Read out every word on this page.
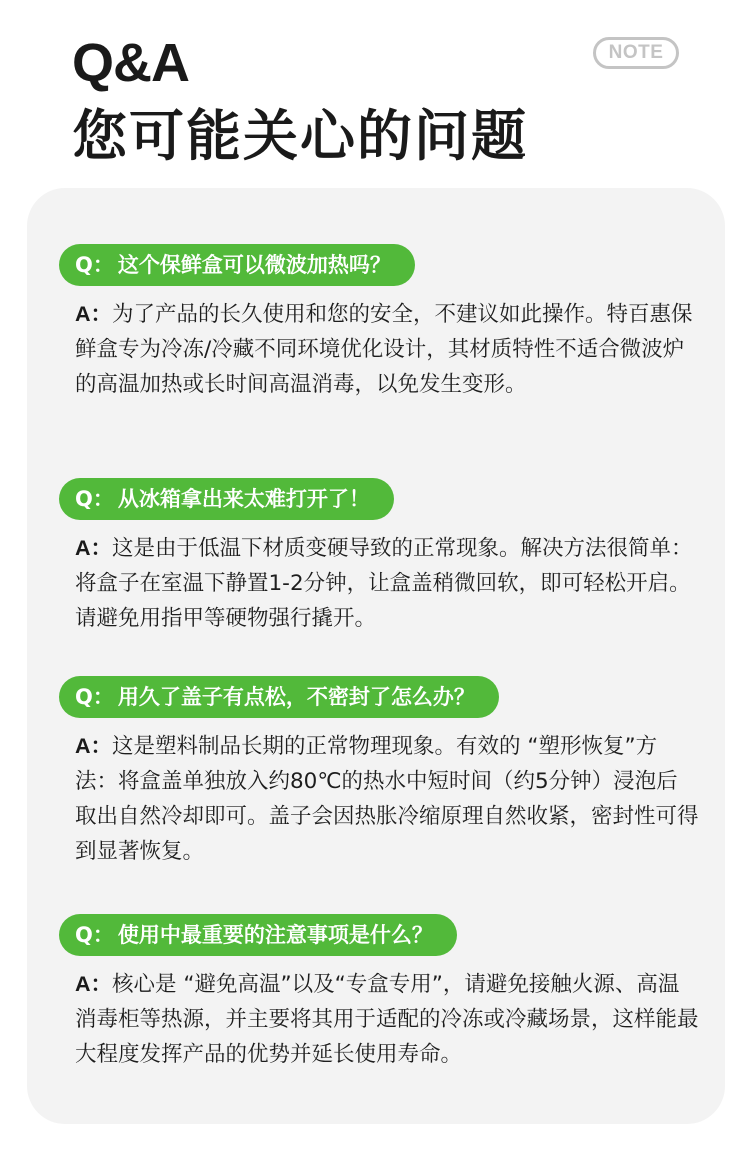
Q&A
您可能关心的问题
NOTE
Q： 这个保鲜盒可以微波加热吗？
A：为了产品的长久使用和您的安全，不建议如此操作。特百惠保鲜盒专为冷冻/冷藏不同环境优化设计，其材质特性不适合微波炉的高温加热或长时间高温消毒，以免发生变形。
Q： 从冰箱拿出来太难打开了！
A：这是由于低温下材质变硬导致的正常现象。解决方法很简单：将盒子在室温下静置1-2分钟，让盒盖稍微回软，即可轻松开启。 请避免用指甲等硬物强行撬开。
Q： 用久了盖子有点松，不密封了怎么办？
A：这是塑料制品长期的正常物理现象。有效的 “塑形恢复”方法：将盒盖单独放入约80℃的热水中短时间（约5分钟）浸泡后取出自然冷却即可。盖子会因热胀冷缩原理自然收紧，密封性可得到显著恢复。
Q： 使用中最重要的注意事项是什么？
A：核心是 “避免高温”以及“专盒专用”，请避免接触火源、高温消毒柜等热源，并主要将其用于适配的冷冻或冷藏场景，这样能最大程度发挥产品的优势并延长使用寿命。
